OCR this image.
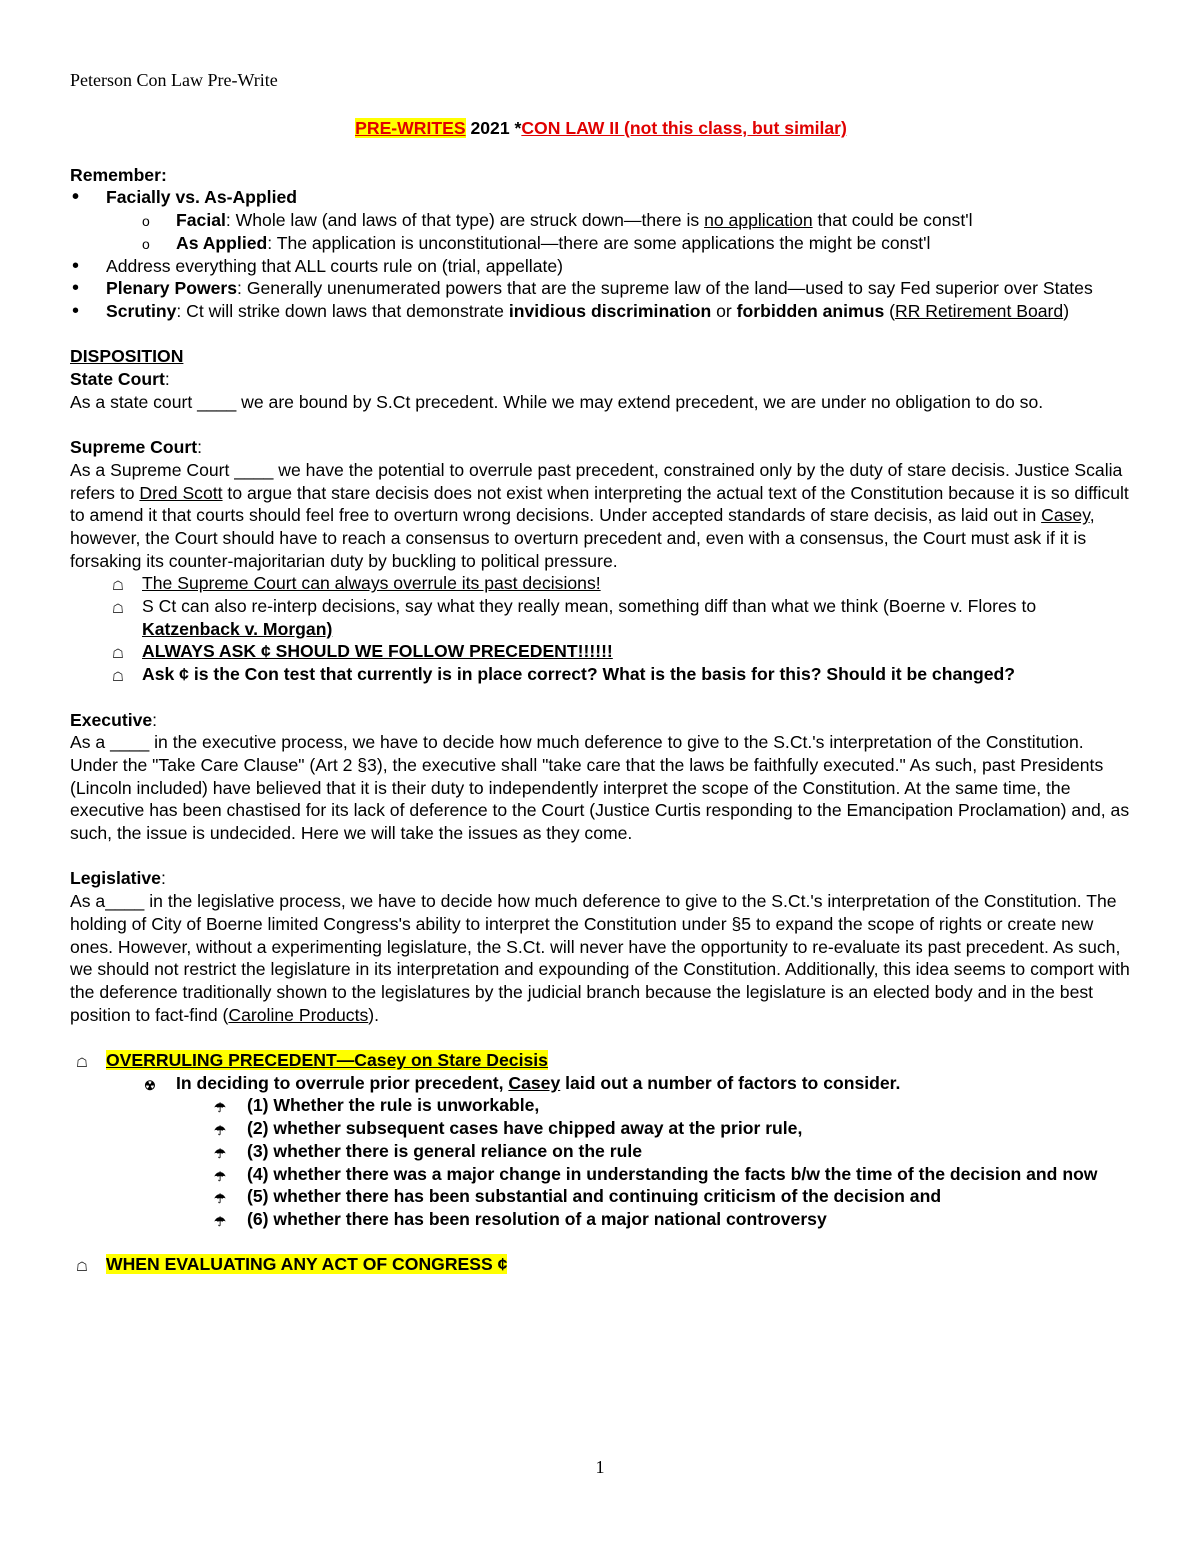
Peterson Con Law Pre-Write

PRE-WRITES 2021 *CON LAW II (not this class, but similar)

Remember:

• Facially vs. As-Applied
o Facial: Whole law (and laws of that type) are struck down—there is no application that could be const'l
o As Applied: The application is unconstitutional—there are some applications the might be const'l
• Address everything that ALL courts rule on (trial, appellate)
• Plenary Powers: Generally unenumerated powers that are the supreme law of the land—used to say Fed superior over States
• Scrutiny: Ct will strike down laws that demonstrate invidious discrimination or forbidden animus (RR Retirement Board)

DISPOSITION

State Court:

As a state court ____ we are bound by S.Ct precedent. While we may extend precedent, we are under no obligation to do so.

Supreme Court:

As a Supreme Court ____ we have the potential to overrule past precedent, constrained only by the duty of stare decisis. Justice Scalia refers to Dred Scott to argue that stare decisis does not exist when interpreting the actual text of the Constitution because it is so difficult to amend it that courts should feel free to overturn wrong decisions. Under accepted standards of stare decisis, as laid out in Casey, however, the Court should have to reach a consensus to overturn precedent and, even with a consensus, the Court must ask if it is forsaking its counter-majoritarian duty by buckling to political pressure.

☖ The Supreme Court can always overrule its past decisions!
☖ S Ct can also re-interp decisions, say what they really mean, something diff than what we think (Boerne v. Flores to Katzenback v. Morgan)
☖ ALWAYS ASK ¢ SHOULD WE FOLLOW PRECEDENT!!!!!!
☖ Ask ¢ is the Con test that currently is in place correct? What is the basis for this? Should it be changed?

Executive:

As a ____ in the executive process, we have to decide how much deference to give to the S.Ct.'s interpretation of the Constitution. Under the "Take Care Clause" (Art 2 §3), the executive shall "take care that the laws be faithfully executed." As such, past Presidents (Lincoln included) have believed that it is their duty to independently interpret the scope of the Constitution. At the same time, the executive has been chastised for its lack of deference to the Court (Justice Curtis responding to the Emancipation Proclamation) and, as such, the issue is undecided. Here we will take the issues as they come.

Legislative:

As a____ in the legislative process, we have to decide how much deference to give to the S.Ct.'s interpretation of the Constitution. The holding of City of Boerne limited Congress's ability to interpret the Constitution under §5 to expand the scope of rights or create new ones. However, without a experimenting legislature, the S.Ct. will never have the opportunity to re-evaluate its past precedent. As such, we should not restrict the legislature in its interpretation and expounding of the Constitution. Additionally, this idea seems to comport with the deference traditionally shown to the legislatures by the judicial branch because the legislature is an elected body and in the best position to fact-find (Caroline Products).

☖ OVERRULING PRECEDENT—Casey on Stare Decisis
☢ In deciding to overrule prior precedent, Casey laid out a number of factors to consider.
☂ (1) Whether the rule is unworkable,
☂ (2) whether subsequent cases have chipped away at the prior rule,
☂ (3) whether there is general reliance on the rule
☂ (4) whether there was a major change in understanding the facts b/w the time of the decision and now
☂ (5) whether there has been substantial and continuing criticism of the decision and
☂ (6) whether there has been resolution of a major national controversy
☖ WHEN EVALUATING ANY ACT OF CONGRESS ¢
1
